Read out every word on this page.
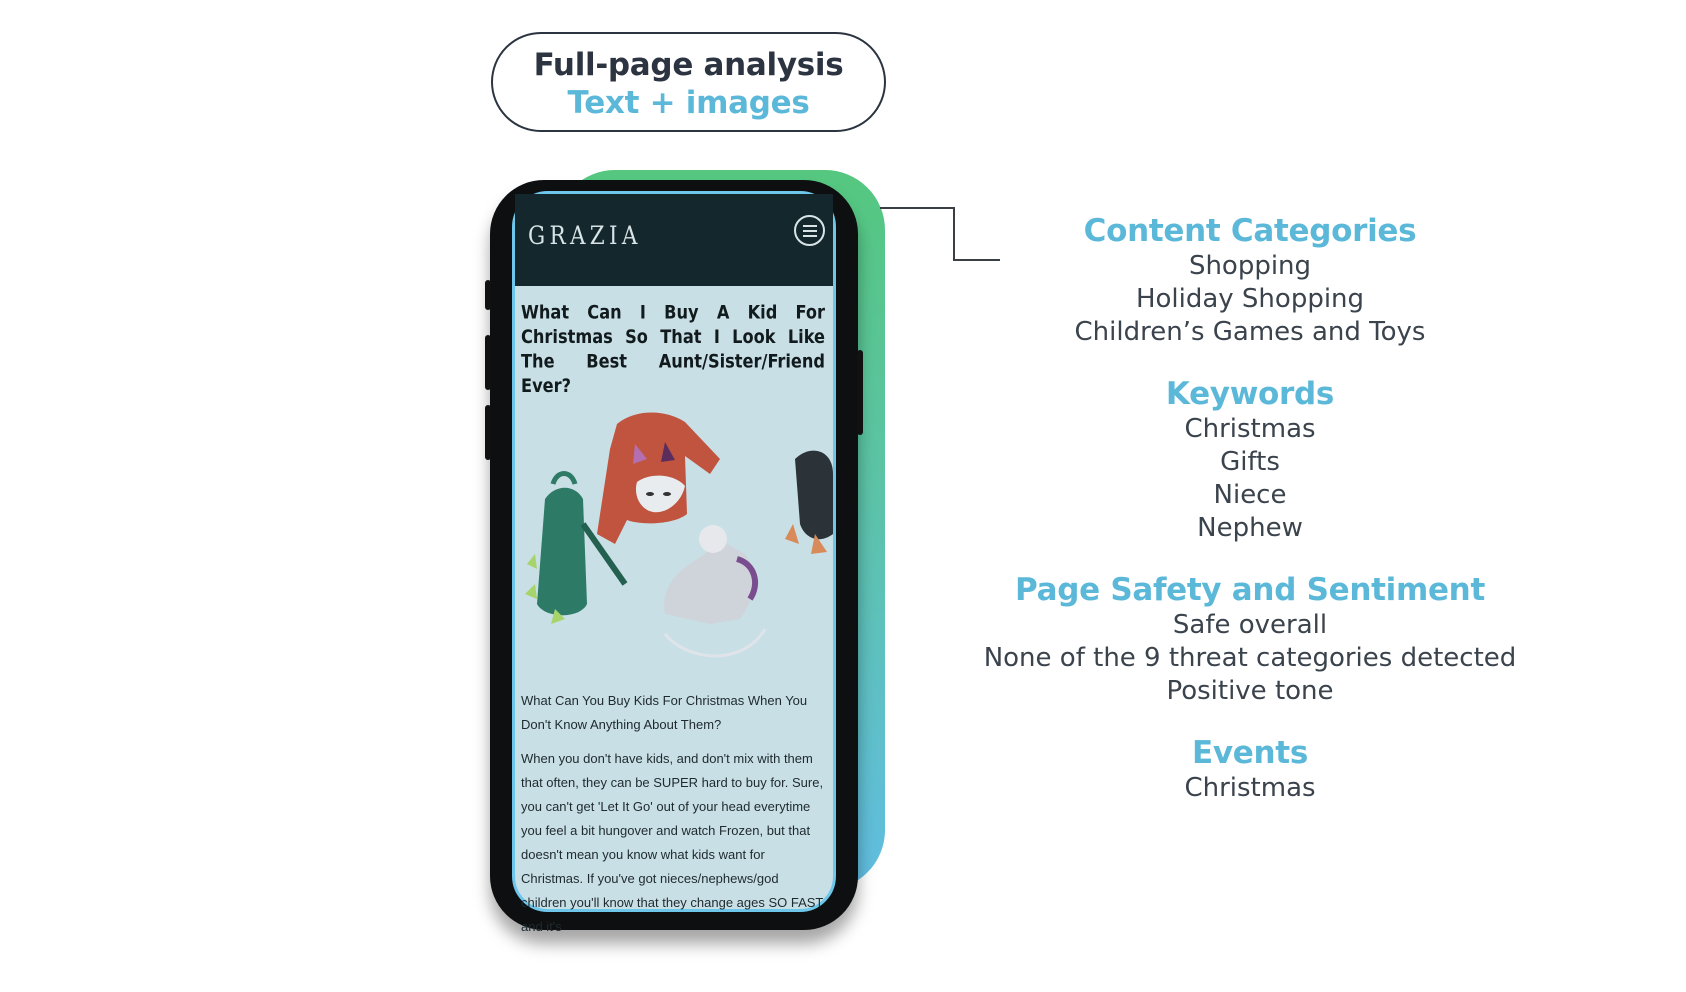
Full-page analysis
Text + images
GRAZIA
What Can I Buy A Kid For Christmas So That I Look Like The Best Aunt/Sister/Friend Ever?

What Can You Buy Kids For Christmas When You Don't Know Anything About Them?

When you don't have kids, and don't mix with them that often, they can be SUPER hard to buy for. Sure, you can't get 'Let It Go' out of your head everytime you feel a bit hungover and watch Frozen, but that doesn't mean you know what kids want for Christmas. If you've got nieces/nephews/god children you'll know that they change ages SO FAST and it's

Content Categories
Shopping
Holiday Shopping
Children’s Games and Toys
Keywords
Christmas
Gifts
Niece
Nephew
Page Safety and Sentiment
Safe overall
None of the 9 threat categories detected
Positive tone
Events
Christmas
